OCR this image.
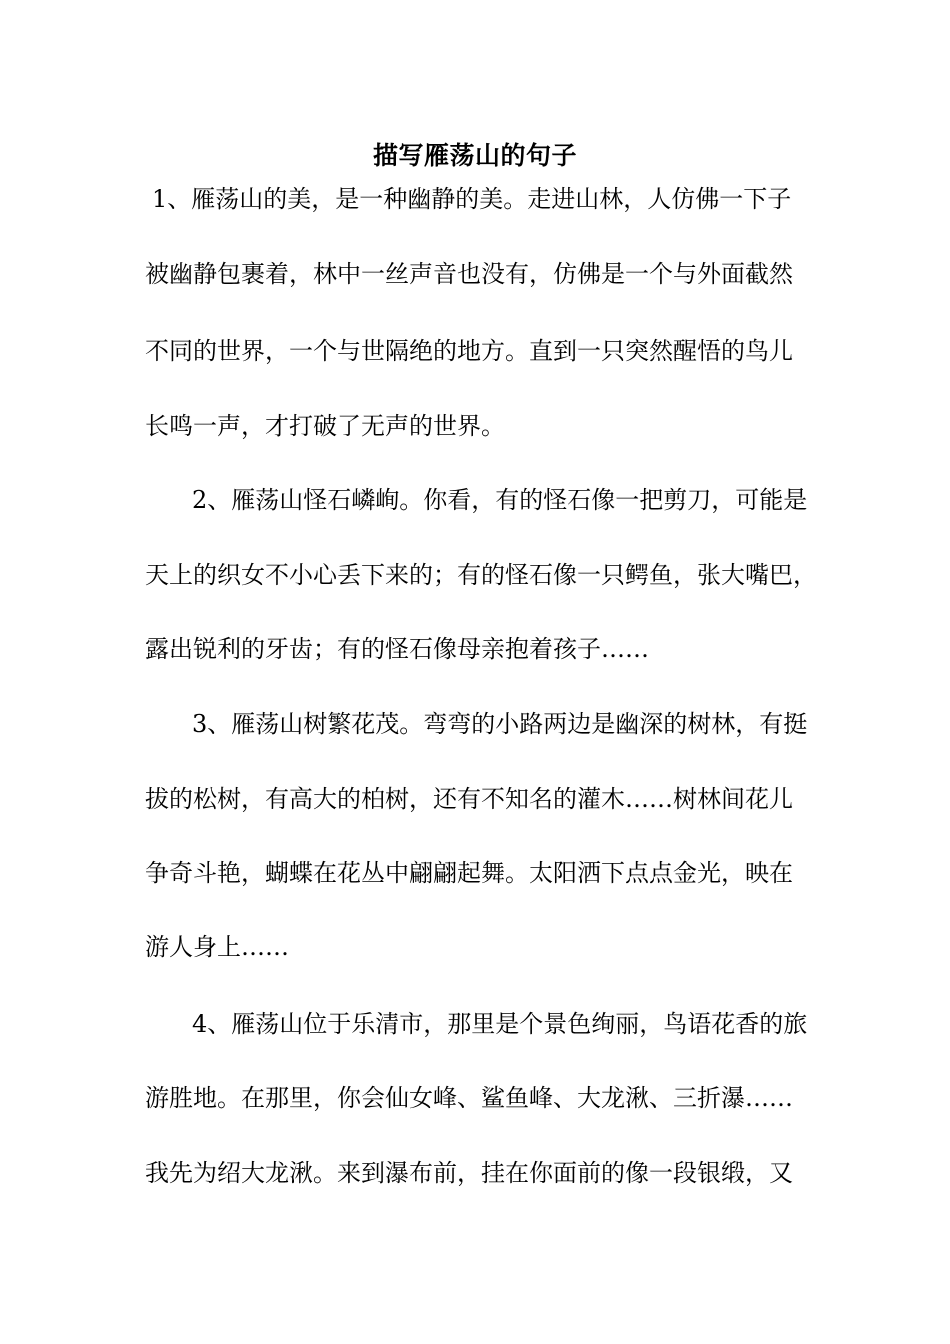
描写雁荡山的句子

1、雁荡山的美，是一种幽静的美。走进山林，人仿佛一下子

被幽静包裹着，林中一丝声音也没有，仿佛是一个与外面截然

不同的世界，一个与世隔绝的地方。直到一只突然醒悟的鸟儿

长鸣一声，才打破了无声的世界。

2、雁荡山怪石嶙峋。你看，有的怪石像一把剪刀，可能是

天上的织女不小心丢下来的；有的怪石像一只鳄鱼，张大嘴巴，

露出锐利的牙齿；有的怪石像母亲抱着孩子……

3、雁荡山树繁花茂。弯弯的小路两边是幽深的树林，有挺

拔的松树，有高大的柏树，还有不知名的灌木……树林间花儿

争奇斗艳，蝴蝶在花丛中翩翩起舞。太阳洒下点点金光，映在

游人身上……

4、雁荡山位于乐清市，那里是个景色绚丽，鸟语花香的旅

游胜地。在那里，你会仙女峰、鲨鱼峰、大龙湫、三折瀑……

我先为绍大龙湫。来到瀑布前，挂在你面前的像一段银缎，又
